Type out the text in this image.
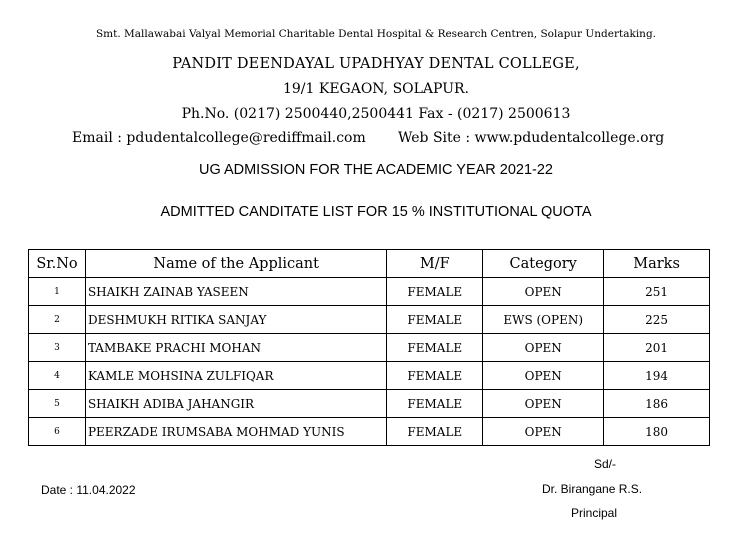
Smt. Mallawabai Valyal Memorial Charitable Dental Hospital & Research Centren, Solapur Undertaking.
PANDIT DEENDAYAL UPADHYAY DENTAL COLLEGE,
19/1 KEGAON, SOLAPUR.
Ph.No. (0217) 2500440,2500441 Fax - (0217) 2500613
Email : pdudentalcollege@rediffmail.com Web Site : www.pdudentalcollege.org
UG ADMISSION FOR THE ACADEMIC YEAR 2021-22
ADMITTED CANDITATE LIST FOR 15 % INSTITUTIONAL QUOTA
Sr.No	Name of the Applicant	M/F	Category	Marks
1	SHAIKH ZAINAB YASEEN	FEMALE	OPEN	251
2	DESHMUKH RITIKA SANJAY	FEMALE	EWS (OPEN)	225
3	TAMBAKE PRACHI MOHAN	FEMALE	OPEN	201
4	KAMLE MOHSINA ZULFIQAR	FEMALE	OPEN	194
5	SHAIKH ADIBA JAHANGIR	FEMALE	OPEN	186
6	PEERZADE IRUMSABA MOHMAD YUNIS	FEMALE	OPEN	180
Sd/-
Date : 11.04.2022	Dr. Birangane R.S.
Principal
